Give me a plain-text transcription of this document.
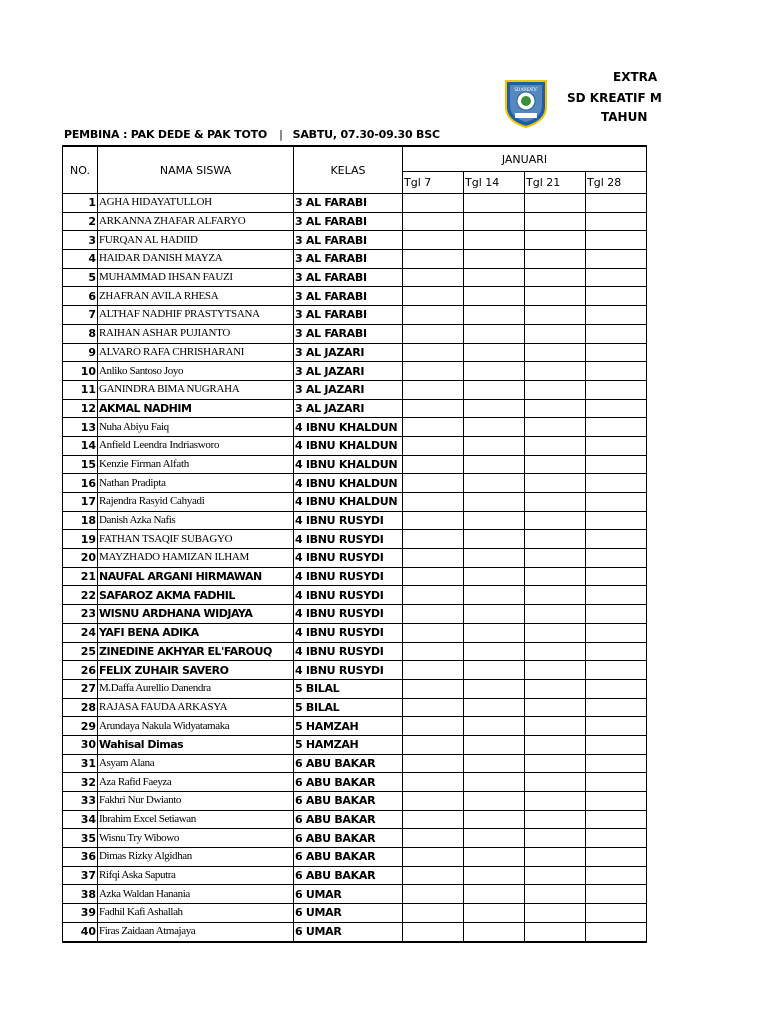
EXTRA
SD KREATIF M
TAHUN
SD KREATIF
PEMBINA : PAK DEDE & PAK TOTO | SABTU, 07.30-09.30 BSC
NO.	NAMA SISWA	KELAS	JANUARI			
			Tgl 7	Tgl 14	Tgl 21	Tgl 28
1	AGHA HIDAYATULLOH	3 AL FARABI				
2	ARKANNA ZHAFAR ALFARYO	3 AL FARABI				
3	FURQAN AL HADIID	3 AL FARABI				
4	HAIDAR DANISH MAYZA	3 AL FARABI				
5	MUHAMMAD IHSAN FAUZI	3 AL FARABI				
6	ZHAFRAN AVILA RHESA	3 AL FARABI				
7	ALTHAF NADHIF PRASTYTSANA	3 AL FARABI				
8	RAIHAN ASHAR PUJIANTO	3 AL FARABI				
9	ALVARO RAFA CHRISHARANI	3 AL JAZARI				
10	Anliko Santoso Joyo	3 AL JAZARI				
11	GANINDRA BIMA NUGRAHA	3 AL JAZARI				
12	AKMAL NADHIM	3 AL JAZARI				
13	Nuha Abiyu Faiq	4 IBNU KHALDUN				
14	Anfield Leendra Indriasworo	4 IBNU KHALDUN				
15	Kenzie Firman Alfath	4 IBNU KHALDUN				
16	Nathan Pradipta	4 IBNU KHALDUN				
17	Rajendra Rasyid Cahyadi	4 IBNU KHALDUN				
18	Danish Azka Nafis	4 IBNU RUSYDI				
19	FATHAN TSAQIF SUBAGYO	4 IBNU RUSYDI				
20	MAYZHADO HAMIZAN ILHAM	4 IBNU RUSYDI				
21	NAUFAL ARGANI HIRMAWAN	4 IBNU RUSYDI				
22	SAFAROZ AKMA FADHIL	4 IBNU RUSYDI				
23	WISNU ARDHANA WIDJAYA	4 IBNU RUSYDI				
24	YAFI BENA ADIKA	4 IBNU RUSYDI				
25	ZINEDINE AKHYAR EL'FAROUQ	4 IBNU RUSYDI				
26	FELIX ZUHAIR SAVERO	4 IBNU RUSYDI				
27	M.Daffa Aurellio Danendra	5 BILAL				
28	RAJASA FAUDA ARKASYA	5 BILAL				
29	Arundaya Nakula Widyatamaka	5 HAMZAH				
30	Wahisal Dimas	5 HAMZAH				
31	Asyam Alana	6 ABU BAKAR				
32	Aza Rafid Faeyza	6 ABU BAKAR				
33	Fakhri Nur Dwianto	6 ABU BAKAR				
34	Ibrahim Excel Setiawan	6 ABU BAKAR				
35	Wisnu Try Wibowo	6 ABU BAKAR				
36	Dimas Rizky Algidhan	6 ABU BAKAR				
37	Rifqi Aska Saputra	6 ABU BAKAR				
38	Azka Waldan Hanania	6 UMAR				
39	Fadhil Kafi Ashallah	6 UMAR				
40	Firas Zaidaan Atmajaya	6 UMAR				
